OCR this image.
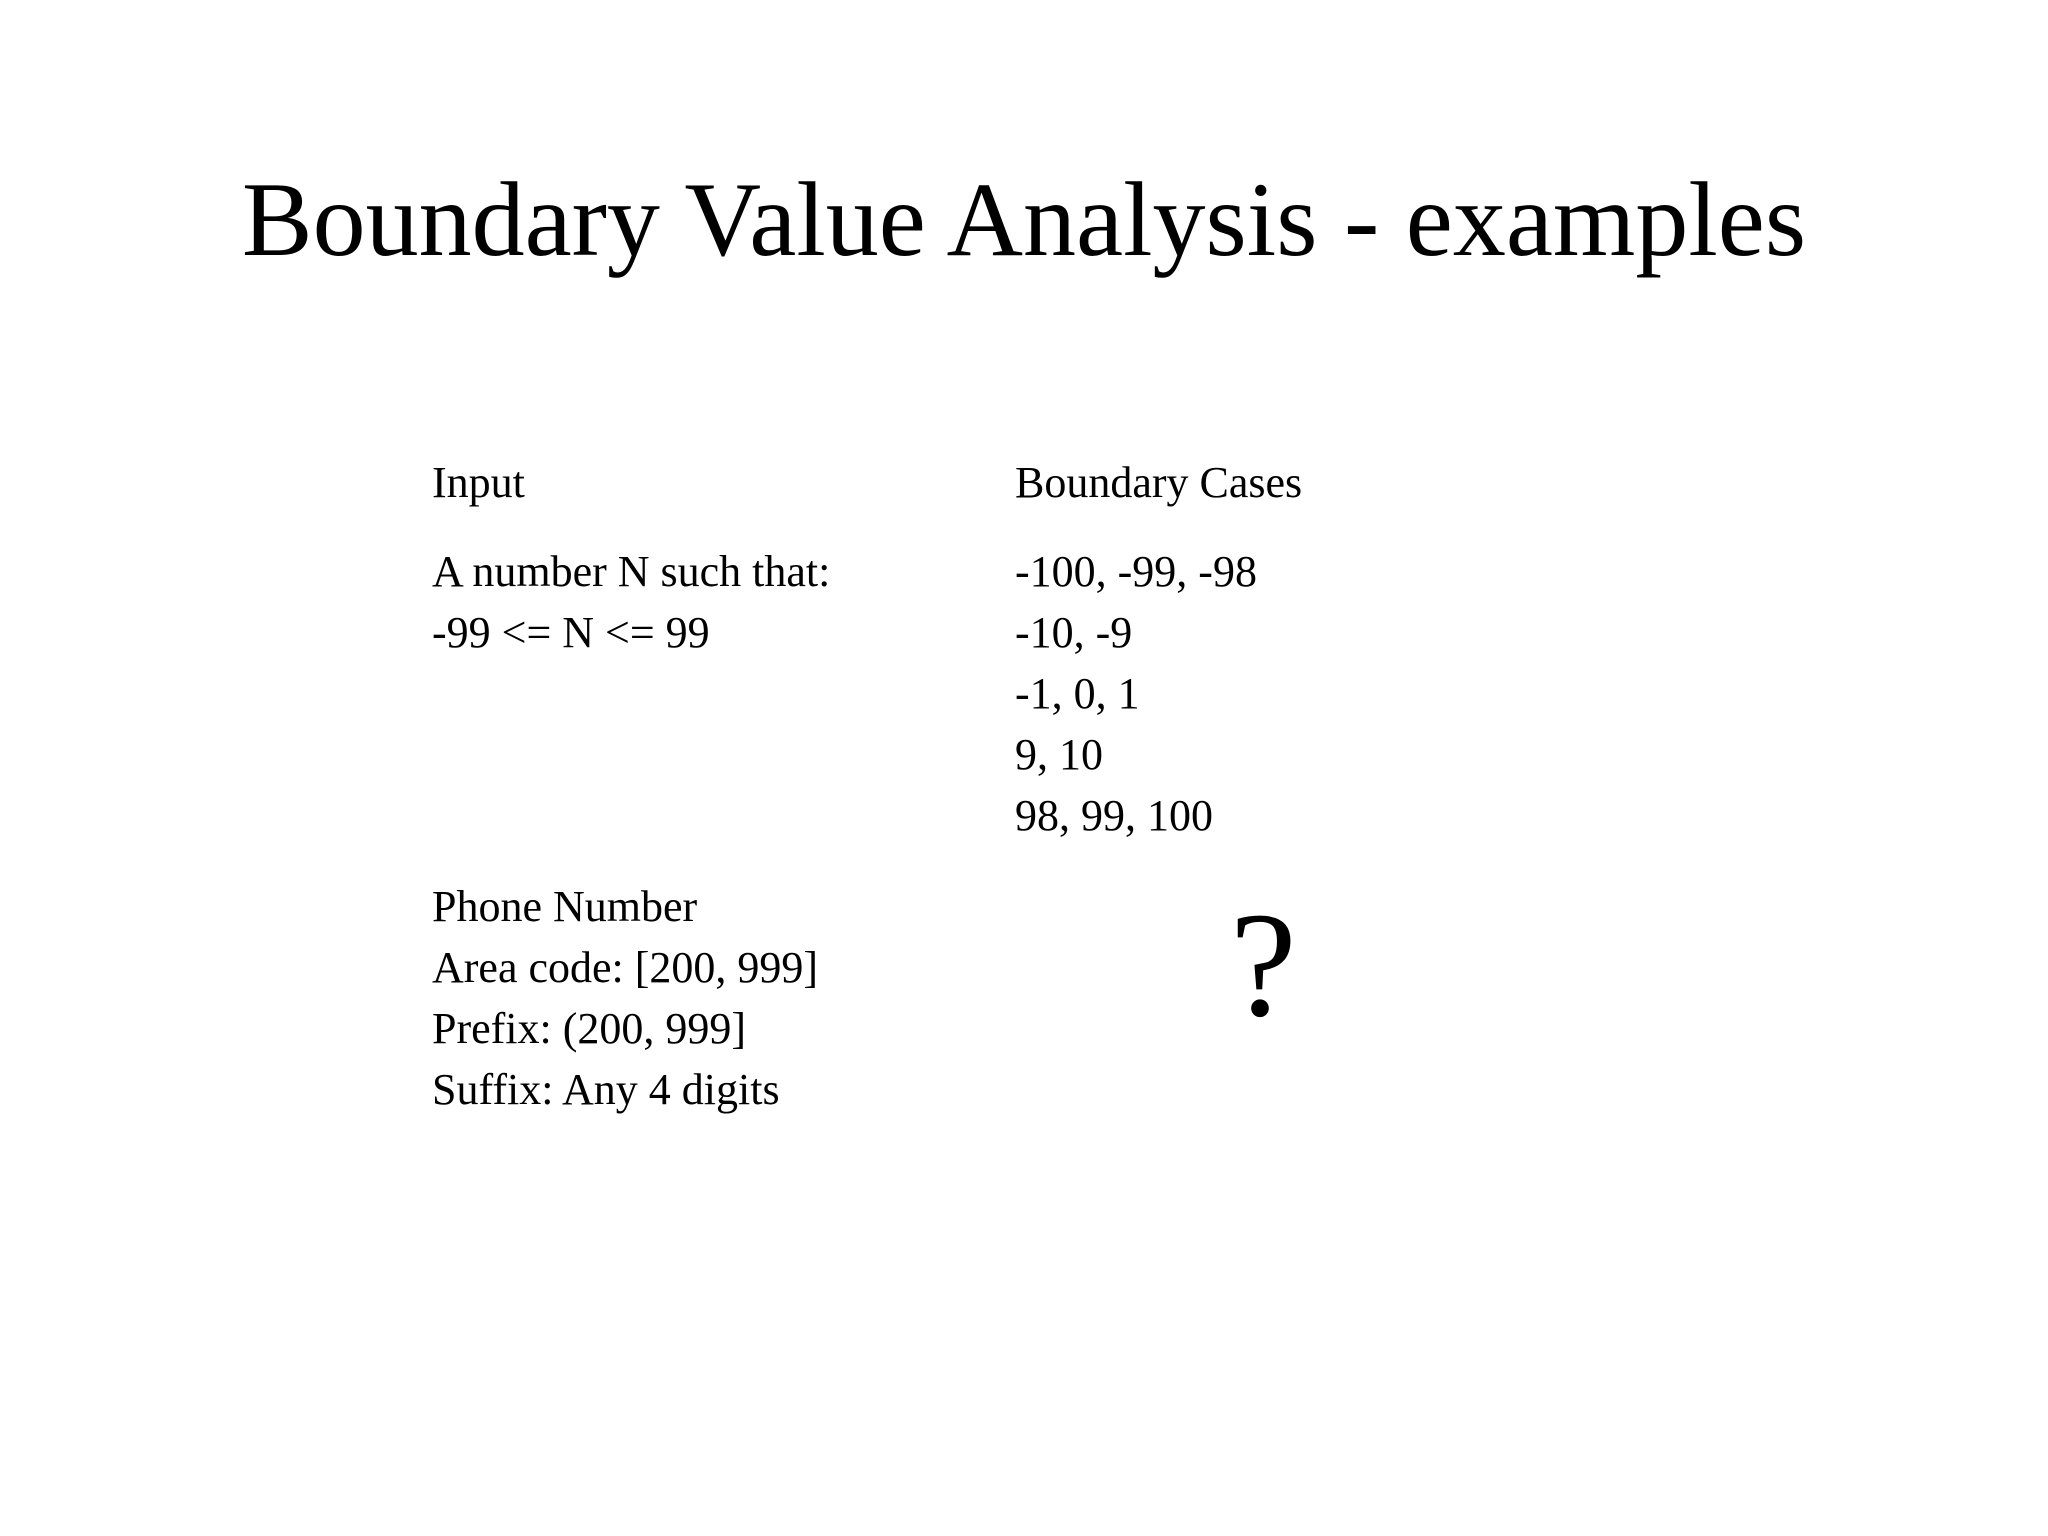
Boundary Value Analysis - examples
Input	Boundary Cases
A number N such that:
-99 <= N <= 99
-100, -99, -98
-10, -9
-1, 0, 1
9, 10
98, 99, 100
Phone Number
Area code: [200, 999]
Prefix: (200, 999]
Suffix: Any 4 digits
?
